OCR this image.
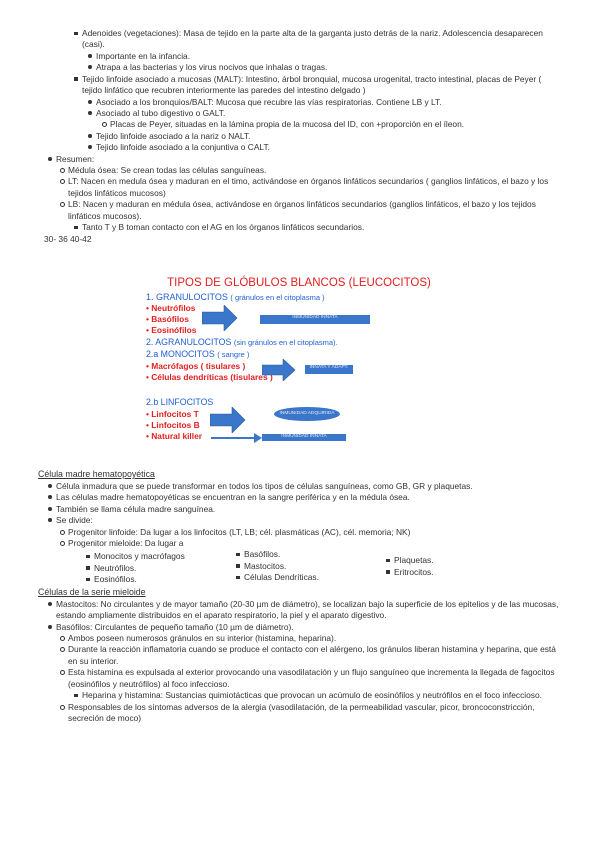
Adenoides (vegetaciones): Masa de tejido en la parte alta de la garganta justo detrás de la nariz. Adolescencia desaparecen (casi).
Importante en la infancia.
Atrapa a las bacterias y los virus nocivos que inhalas o tragas.
Tejido linfoide asociado a mucosas (MALT): Intestino, árbol bronquial, mucosa urogenital, tracto intestinal, placas de Peyer ( tejido linfático que recubren interiormente las paredes del intestino delgado )
Asociado a los bronquios/BALT: Mucosa que recubre las vías respiratorias. Contiene LB y LT.
Asociado al tubo digestivo o GALT.
Placas de Peyer, situadas en la lámina propia de la mucosa del ID, con +proporción en el íleon.
Tejido linfoide asociado a la nariz o NALT.
Tejido linfoide asociado a la conjuntiva o CALT.
Resumen:
Médula ósea: Se crean todas las células sanguíneas.
LT: Nacen en medula ósea y maduran en el timo, activándose en órganos linfáticos secundarios ( ganglios linfáticos, el bazo y los tejidos linfáticos mucosos)
LB: Nacen y maduran en médula ósea, activándose en órganos linfáticos secundarios (ganglios linfáticos, el bazo y los tejidos linfáticos mucosos).
Tanto T y B toman contacto con el AG en los órganos linfáticos secundarios.
30- 36 40-42
TIPOS DE GLÓBULOS BLANCOS (LEUCOCITOS)
1. GRANULOCITOS ( gránulos en el citoplasma )
• Neutrófilos
• Basófilos
• Eosinófilos
INMUNIDAD INNATA
2. AGRANULOCITOS (sin gránulos en el citoplasma).
2.a MONOCITOS ( sangre )
• Macrófagos ( tisulares )
• Células dendríticas (tisulares )
INNATA Y ADAPT.
2.b LINFOCITOS
• Linfocitos T
• Linfocitos B
• Natural killer
INMUNIDAD ADQUIRIDA
INMUNIDAD INNATA
Célula madre hematopoyética
Célula inmadura que se puede transformar en todos los tipos de células sanguíneas, como GB, GR y plaquetas.
Las células madre hematopoyéticas se encuentran en la sangre periférica y en la médula ósea.
También se llama célula madre sanguínea.
Se divide:
Progenitor linfoide: Da lugar a los linfocitos (LT, LB; cél. plasmáticas (AC), cél. memoria; NK)
Progenitor mieloide: Da lugar a
Monocitos y macrófagos
Neutrófilos.
Eosinófilos.
Basófilos.
Mastocitos.
Células Dendríticas.
Plaquetas.
Eritrocitos.
Células de la serie mieloide
Mastocitos: No circulantes y de mayor tamaño (20-30 µm de diámetro), se localizan bajo la superficie de los epitelios y de las mucosas, estando ampliamente distribuidos en el aparato respiratorio, la piel y el aparato digestivo.
Basófilos: Circulantes de pequeño tamaño (10 µm de diámetro).
Ambos poseen numerosos gránulos en su interior (histamina, heparina).
Durante la reacción inflamatoria cuando se produce el contacto con el alérgeno, los gránulos liberan histamina y heparina, que está en su interior.
Esta histamina es expulsada al exterior provocando una vasodilatación y un flujo sanguíneo que incrementa la llegada de fagocitos (eosinófilos y neutrófilos) al foco infeccioso.
Heparina y histamina: Sustancias quimiotácticas que provocan un acúmulo de eosinófilos y neutrófilos en el foco infeccioso.
Responsables de los síntomas adversos de la alergia (vasodilatación, de la permeabilidad vascular, picor, broncoconstricción, secreción de moco)
